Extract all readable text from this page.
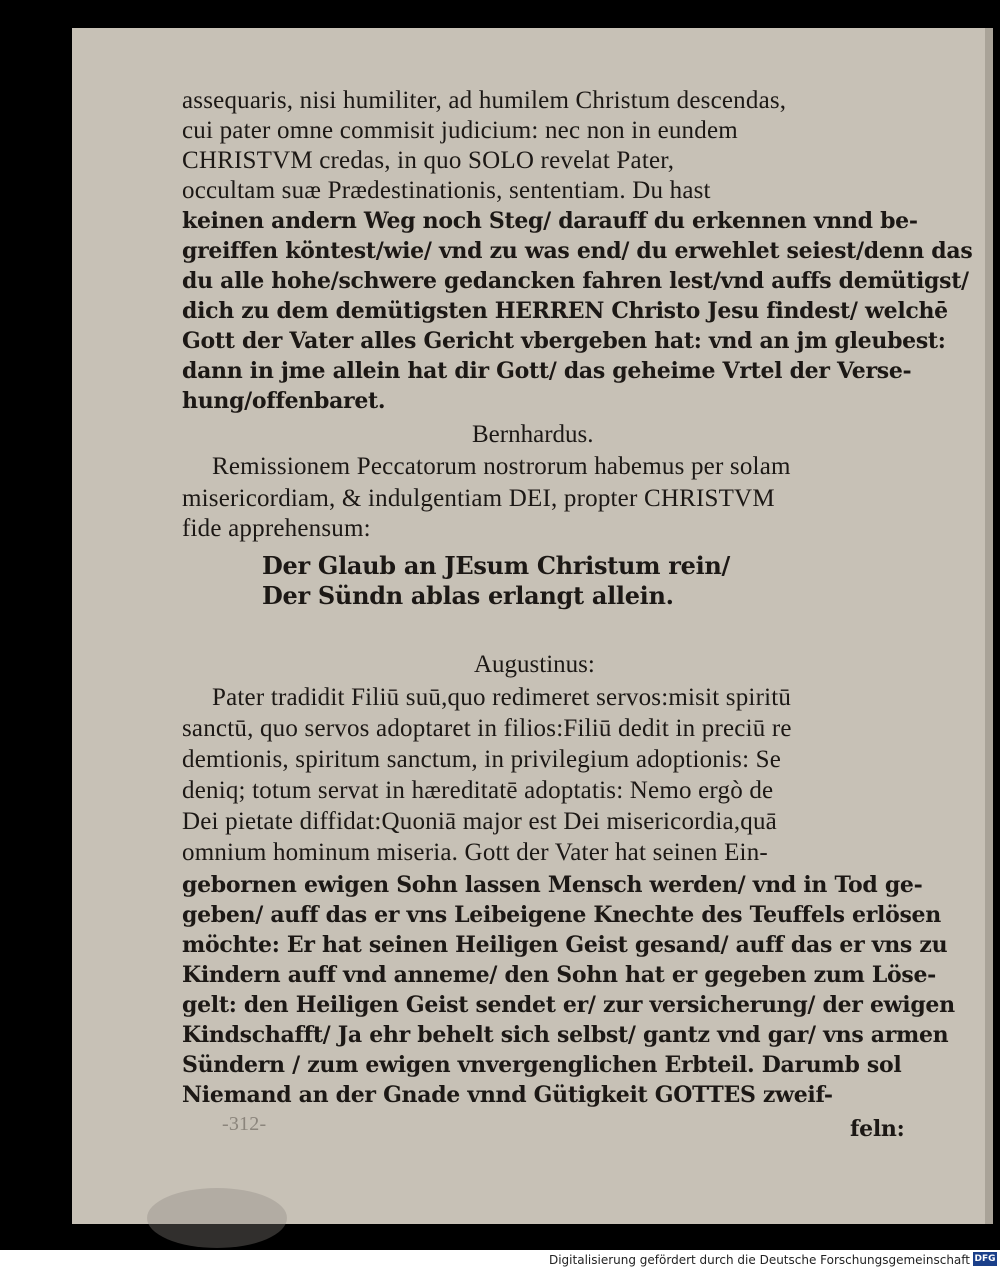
assequaris, nisi humiliter, ad humilem Christum descendas,
cui pater omne commisit judicium: nec non in eundem
CHRISTVM credas, in quo SOLO revelat Pater,
occultam suæ Prædestinationis, sententiam. Du hast
keinen andern Weg noch Steg/ darauff du erkennen vnnd be-
greiffen köntest/wie/ vnd zu was end/ du erwehlet seiest/denn das
du alle hohe/schwere gedancken fahren lest/vnd auffs demütigst/
dich zu dem demütigsten HERREN Christo Jesu findest/ welchē
Gott der Vater alles Gericht vbergeben hat: vnd an jm gleubest:
dann in jme allein hat dir Gott/ das geheime Vrtel der Verse-
hung/offenbaret.
Bernhardus.
Remissionem Peccatorum nostrorum habemus per solam
misericordiam, & indulgentiam DEI, propter CHRISTVM
fide apprehensum:
Der Glaub an JEsum Christum rein/
Der Sündn ablas erlangt allein.
Augustinus:
Pater tradidit Filiū suū,quo redimeret servos:misit spiritū
sanctū, quo servos adoptaret in filios:Filiū dedit in preciū re
demtionis, spiritum sanctum, in privilegium adoptionis: Se
deniq; totum servat in hæreditatē adoptatis: Nemo ergò de
Dei pietate diffidat:Quoniā major est Dei misericordia,quā
omnium hominum miseria. Gott der Vater hat seinen Ein-
gebornen ewigen Sohn lassen Mensch werden/ vnd in Tod ge-
geben/ auff das er vns Leibeigene Knechte des Teuffels erlösen
möchte: Er hat seinen Heiligen Geist gesand/ auff das er vns zu
Kindern auff vnd anneme/ den Sohn hat er gegeben zum Löse-
gelt: den Heiligen Geist sendet er/ zur versicherung/ der ewigen
Kindschafft/ Ja ehr behelt sich selbst/ gantz vnd gar/ vns armen
Sündern / zum ewigen vnvergenglichen Erbteil. Darumb sol
Niemand an der Gnade vnnd Gütigkeit GOTTES zweif-
-312-	feln:
Digitalisierung gefördert durch die Deutsche Forschungsgemeinschaft DFG
